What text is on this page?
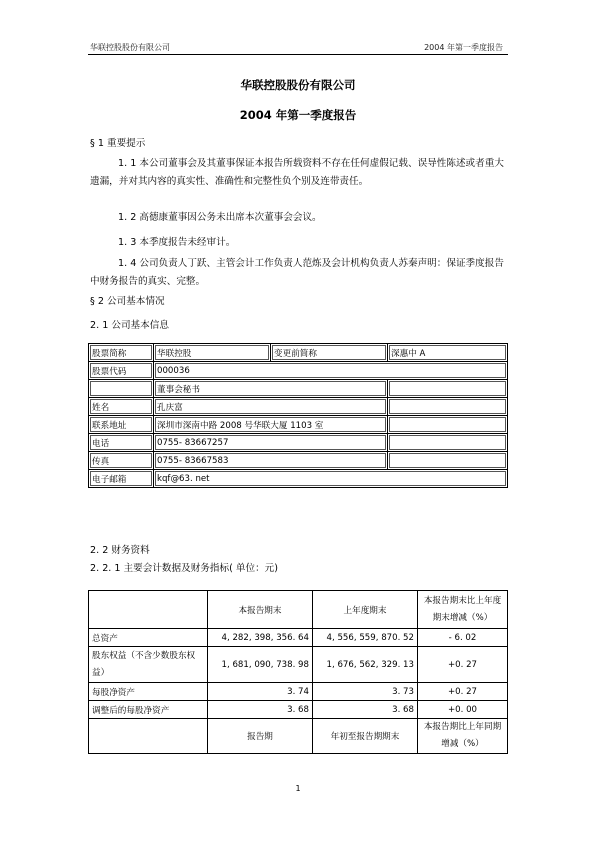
华联控股股份有限公司	2004 年第一季度报告
华联控股股份有限公司
2004 年第一季度报告
§ 1 重要提示
1. 1 本公司董事会及其董事保证本报告所载资料不存在任何虚假记载、误导性陈述或者重大遗漏，并对其内容的真实性、准确性和完整性负个别及连带责任。
1. 2 高德康董事因公务未出席本次董事会会议。
1. 3 本季度报告未经审计。
1. 4 公司负责人丁跃、主管会计工作负责人范炼及会计机构负责人苏秦声明：保证季度报告中财务报告的真实、完整。
§ 2 公司基本情况
2. 1 公司基本信息
股票简称	华联控股	变更前简称	深惠中 A
股票代码	000036		
	董事会秘书		
姓名	孔庆富		
联系地址	深圳市深南中路 2008 号华联大厦 1103 室		
电话	0755- 83667257		
传真	0755- 83667583		
电子邮箱	kqf@63. net		
2. 2 财务资料
2. 2. 1 主要会计数据及财务指标( 单位：元)
	本报告期末	上年度期末	本报告期末比上年度期末增减（%）
总资产	4, 282, 398, 356. 64	4, 556, 559, 870. 52	- 6. 02
股东权益（不含少数股东权益）	1, 681, 090, 738. 98	1, 676, 562, 329. 13	+0. 27
每股净资产	3. 74	3. 73	+0. 27
调整后的每股净资产	3. 68	3. 68	+0. 00
	报告期	年初至报告期期末	本报告期比上年同期增减（%）
1
